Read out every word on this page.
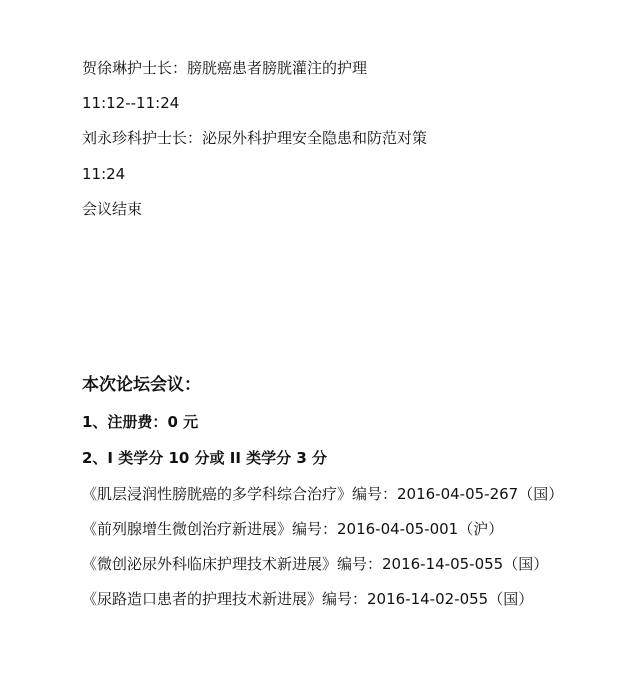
贺徐琳护士长：膀胱癌患者膀胱灌注的护理
11:12--11:24
刘永珍科护士长：泌尿外科护理安全隐患和防范对策
11:24
会议结束
本次论坛会议：
1、注册费：0 元
2、I 类学分 10 分或 II 类学分 3 分
《肌层浸润性膀胱癌的多学科综合治疗》编号：2016-04-05-267（国）
《前列腺增生微创治疗新进展》编号：2016-04-05-001（沪）
《微创泌尿外科临床护理技术新进展》编号：2016-14-05-055（国）
《尿路造口患者的护理技术新进展》编号：2016-14-02-055（国）
